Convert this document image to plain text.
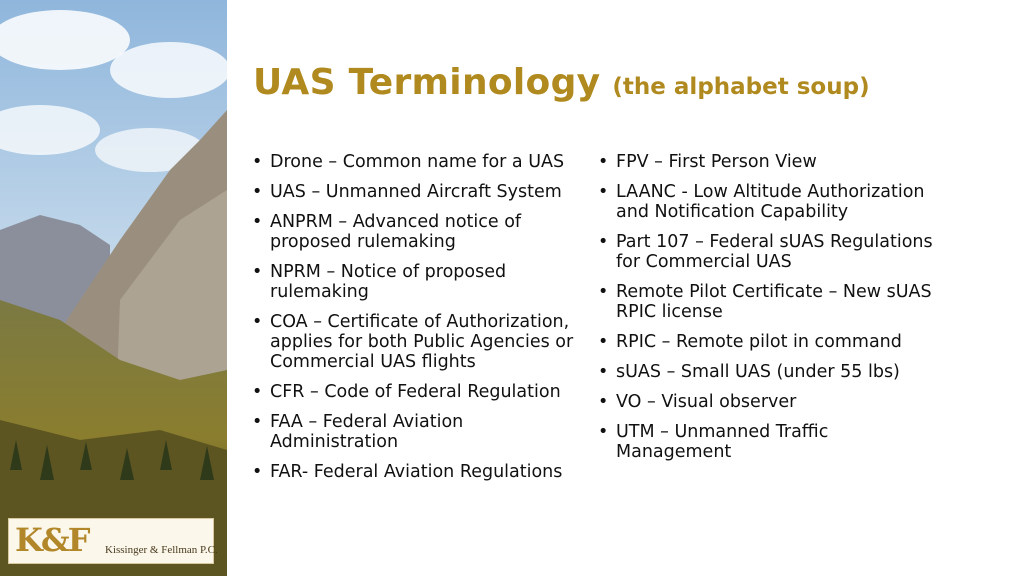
UAS Terminology (the alphabet soup)
• Drone – Common name for a UAS
• UAS – Unmanned Aircraft System
• ANPRM – Advanced notice of proposed rulemaking
• NPRM – Notice of proposed rulemaking
• COA – Certificate of Authorization, applies for both Public Agencies or Commercial UAS flights
• CFR – Code of Federal Regulation
• FAA – Federal Aviation Administration
• FAR- Federal Aviation Regulations
• FPV – First Person View
• LAANC - Low Altitude Authorization and Notification Capability
• Part 107 – Federal sUAS Regulations for Commercial UAS
• Remote Pilot Certificate – New sUAS RPIC license
• RPIC – Remote pilot in command
• sUAS – Small UAS (under 55 lbs)
• VO – Visual observer
• UTM – Unmanned Traffic Management
K&F Kissinger & Fellman P.C.
